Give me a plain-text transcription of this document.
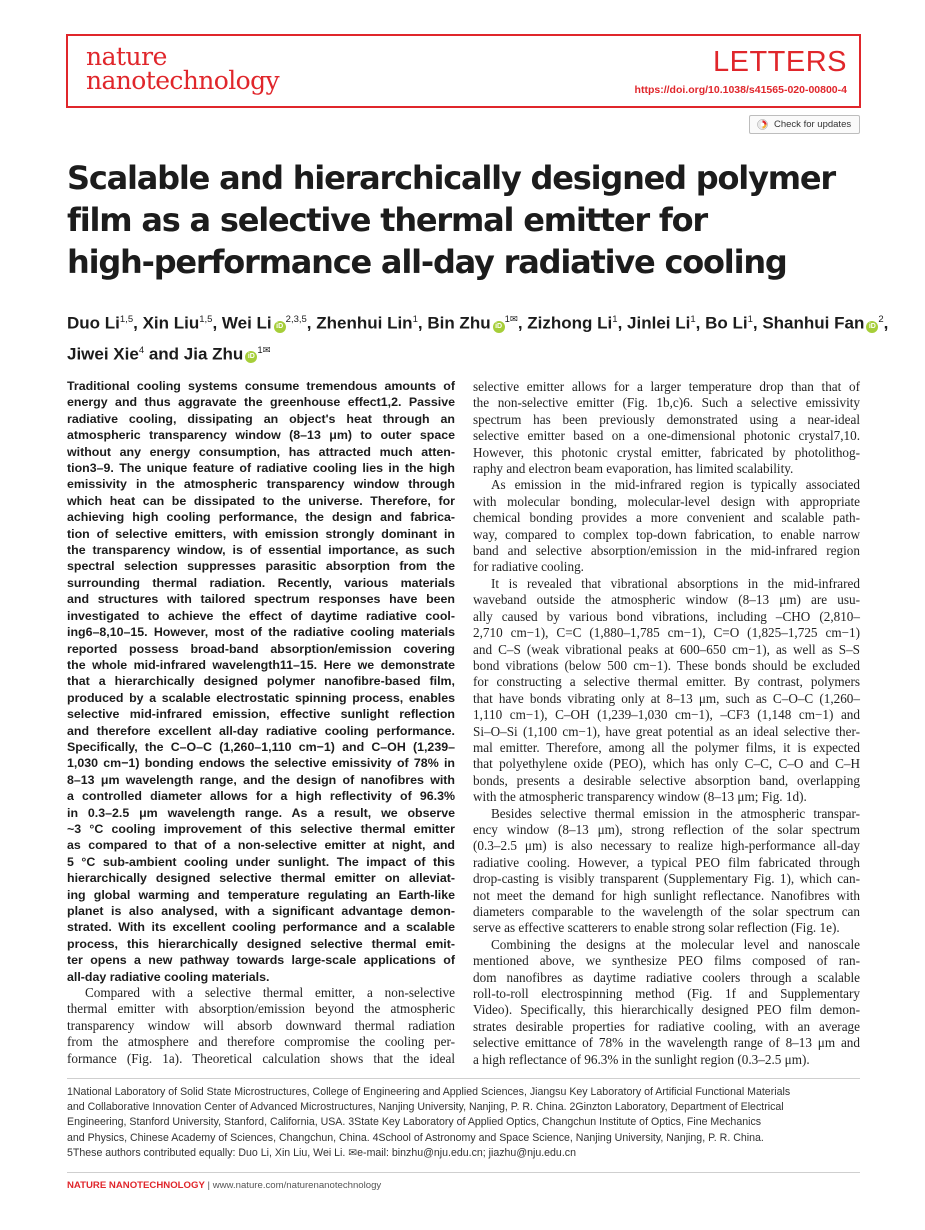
nature
nanotechnology
LETTERS
https://doi.org/10.1038/s41565-020-00800-4
Check for updates
Scalable and hierarchically designed polymer
film as a selective thermal emitter for
high-performance all-day radiative cooling
Duo Li$^{1,5}$, Xin Liu$^{1,5}$, Wei Li iD$^{2,3,5}$, Zhenhui Lin$^1$, Bin Zhu $iD^{1✉}$, Zizhong Li$^1$, Jinlei Li$^1$, Bo Li$^1$, Shanhui Fan $iD^2$,
Jiwei Xie$^4$ and Jia Zhu $iD^{1✉}$
Traditional cooling systems consume tremendous amounts of
energy and thus aggravate the greenhouse effect1,2. Passive
radiative cooling, dissipating an object's heat through an
atmospheric transparency window (8–13 μm) to outer space
without any energy consumption, has attracted much atten-
tion3–9. The unique feature of radiative cooling lies in the high
emissivity in the atmospheric transparency window through
which heat can be dissipated to the universe. Therefore, for
achieving high cooling performance, the design and fabrica-
tion of selective emitters, with emission strongly dominant in
the transparency window, is of essential importance, as such
spectral selection suppresses parasitic absorption from the
surrounding thermal radiation. Recently, various materials
and structures with tailored spectrum responses have been
investigated to achieve the effect of daytime radiative cool-
ing6–8,10–15. However, most of the radiative cooling materials
reported possess broad-band absorption/emission covering
the whole mid-infrared wavelength11–15. Here we demonstrate
that a hierarchically designed polymer nanofibre-based film,
produced by a scalable electrostatic spinning process, enables
selective mid-infrared emission, effective sunlight reflection
and therefore excellent all-day radiative cooling performance.
Specifically, the C–O–C (1,260–1,110 cm−1) and C–OH (1,239–
1,030 cm−1) bonding endows the selective emissivity of 78% in
8–13 μm wavelength range, and the design of nanofibres with
a controlled diameter allows for a high reflectivity of 96.3%
in 0.3–2.5 μm wavelength range. As a result, we observe
~3 °C cooling improvement of this selective thermal emitter
as compared to that of a non-selective emitter at night, and
5 °C sub-ambient cooling under sunlight. The impact of this
hierarchically designed selective thermal emitter on alleviat-
ing global warming and temperature regulating an Earth-like
planet is also analysed, with a significant advantage demon-
strated. With its excellent cooling performance and a scalable
process, this hierarchically designed selective thermal emit-
ter opens a new pathway towards large-scale applications of
all-day radiative cooling materials.
Compared with a selective thermal emitter, a non-selective
thermal emitter with absorption/emission beyond the atmospheric
transparency window will absorb downward thermal radiation
from the atmosphere and therefore compromise the cooling per-
formance (Fig. 1a). Theoretical calculation shows that the ideal
selective emitter allows for a larger temperature drop than that of
the non-selective emitter (Fig. 1b,c)6. Such a selective emissivity
spectrum has been previously demonstrated using a near-ideal
selective emitter based on a one-dimensional photonic crystal7,10.
However, this photonic crystal emitter, fabricated by photolithog-
raphy and electron beam evaporation, has limited scalability.
As emission in the mid-infrared region is typically associated
with molecular bonding, molecular-level design with appropriate
chemical bonding provides a more convenient and scalable path-
way, compared to complex top-down fabrication, to enable narrow
band and selective absorption/emission in the mid-infrared region
for radiative cooling.
It is revealed that vibrational absorptions in the mid-infrared
waveband outside the atmospheric window (8–13 μm) are usu-
ally caused by various bond vibrations, including –CHO (2,810–
2,710 cm−1), C=C (1,880–1,785 cm−1), C=O (1,825–1,725 cm−1)
and C–S (weak vibrational peaks at 600–650 cm−1), as well as S–S
bond vibrations (below 500 cm−1). These bonds should be excluded
for constructing a selective thermal emitter. By contrast, polymers
that have bonds vibrating only at 8–13 μm, such as C–O–C (1,260–
1,110 cm−1), C–OH (1,239–1,030 cm−1), –CF3 (1,148 cm−1) and
Si–O–Si (1,100 cm−1), have great potential as an ideal selective ther-
mal emitter. Therefore, among all the polymer films, it is expected
that polyethylene oxide (PEO), which has only C–C, C–O and C–H
bonds, presents a desirable selective absorption band, overlapping
with the atmospheric transparency window (8–13 μm; Fig. 1d).
Besides selective thermal emission in the atmospheric transpar-
ency window (8–13 μm), strong reflection of the solar spectrum
(0.3–2.5 μm) is also necessary to realize high-performance all-day
radiative cooling. However, a typical PEO film fabricated through
drop-casting is visibly transparent (Supplementary Fig. 1), which can-
not meet the demand for high sunlight reflectance. Nanofibres with
diameters comparable to the wavelength of the solar spectrum can
serve as effective scatterers to enable strong solar reflection (Fig. 1e).
Combining the designs at the molecular level and nanoscale
mentioned above, we synthesize PEO films composed of ran-
dom nanofibres as daytime radiative coolers through a scalable
roll-to-roll electrospinning method (Fig. 1f and Supplementary
Video). Specifically, this hierarchically designed PEO film demon-
strates desirable properties for radiative cooling, with an average
selective emittance of 78% in the wavelength range of 8–13 μm and
a high reflectance of 96.3% in the sunlight region (0.3–2.5 μm).
1National Laboratory of Solid State Microstructures, College of Engineering and Applied Sciences, Jiangsu Key Laboratory of Artificial Functional Materials
and Collaborative Innovation Center of Advanced Microstructures, Nanjing University, Nanjing, P. R. China. 2Ginzton Laboratory, Department of Electrical
Engineering, Stanford University, Stanford, California, USA. 3State Key Laboratory of Applied Optics, Changchun Institute of Optics, Fine Mechanics
and Physics, Chinese Academy of Sciences, Changchun, China. 4School of Astronomy and Space Science, Nanjing University, Nanjing, P. R. China.
5These authors contributed equally: Duo Li, Xin Liu, Wei Li. ✉e-mail: binzhu@nju.edu.cn; jiazhu@nju.edu.cn
NATURE NANOTECHNOLOGY | www.nature.com/naturenanotechnology
